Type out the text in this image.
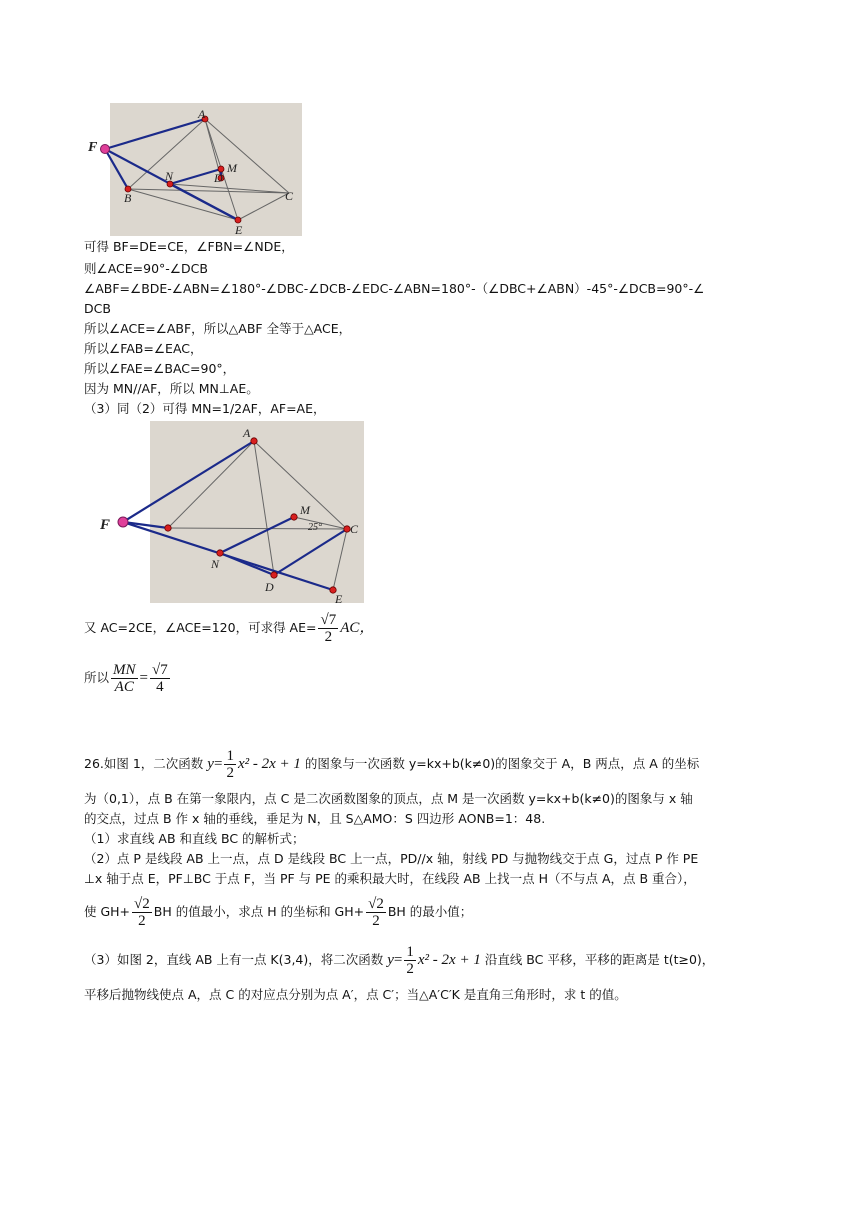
F
A
M
N	D
B	C
E
可得 BF=DE=CE，∠FBN=∠NDE，
则∠ACE=90°-∠DCB
∠ABF=∠BDE-∠ABN=∠180°-∠DBC-∠DCB-∠EDC-∠ABN=180°-（∠DBC+∠ABN）-45°-∠DCB=90°-∠
DCB
所以∠ACE=∠ABF，所以△ABF 全等于△ACE，
所以∠FAB=∠EAC，
所以∠FAE=∠BAC=90°，
因为 MN//AF，所以 MN⊥AE。
（3）同（2）可得 MN=1/2AF，AF=AE，
F
A
M
C
N
D
E
25°
又 AC=2CE，∠ACE=120，可求得 $AE= \frac{√7}{2}$ AC，
所以 $\frac{MN}{AC} = \frac{√7}{4}$
26.如图 1，二次函数 $y= \frac{1}{2} x^2 - 2x + 1$ 的图象与一次函数 y=kx+b(k≠0)的图象交于 A，B 两点，点 A 的坐标
为（0,1），点 B 在第一象限内，点 C 是二次函数图象的顶点，点 M 是一次函数 y=kx+b(k≠0)的图象与 x 轴
的交点，过点 B 作 x 轴的垂线，垂足为 N，且 S△AMO：S 四边形 AONB=1：48.
（1）求直线 AB 和直线 BC 的解析式；
（2）点 P 是线段 AB 上一点，点 D 是线段 BC 上一点，PD//x 轴，射线 PD 与抛物线交于点 G，过点 P 作 PE
⊥x 轴于点 E，PF⊥BC 于点 F，当 PF 与 PE 的乘积最大时，在线段 AB 上找一点 H（不与点 A，点 B 重合），
使 $GH+ \frac{√2}{2}$ BH 的值最小，求点 H 的坐标和 $GH+ \frac{√2}{2}$ BH 的最小值；
（3）如图 2，直线 AB 上有一点 K(3,4)，将二次函数 $y= \frac{1}{2} x^2 - 2x + 1$ 沿直线 BC 平移，平移的距离是 t(t≥0)，
平移后抛物线使点 A，点 C 的对应点分别为点 A′，点 C′；当△A′C′K 是直角三角形时，求 t 的值。
